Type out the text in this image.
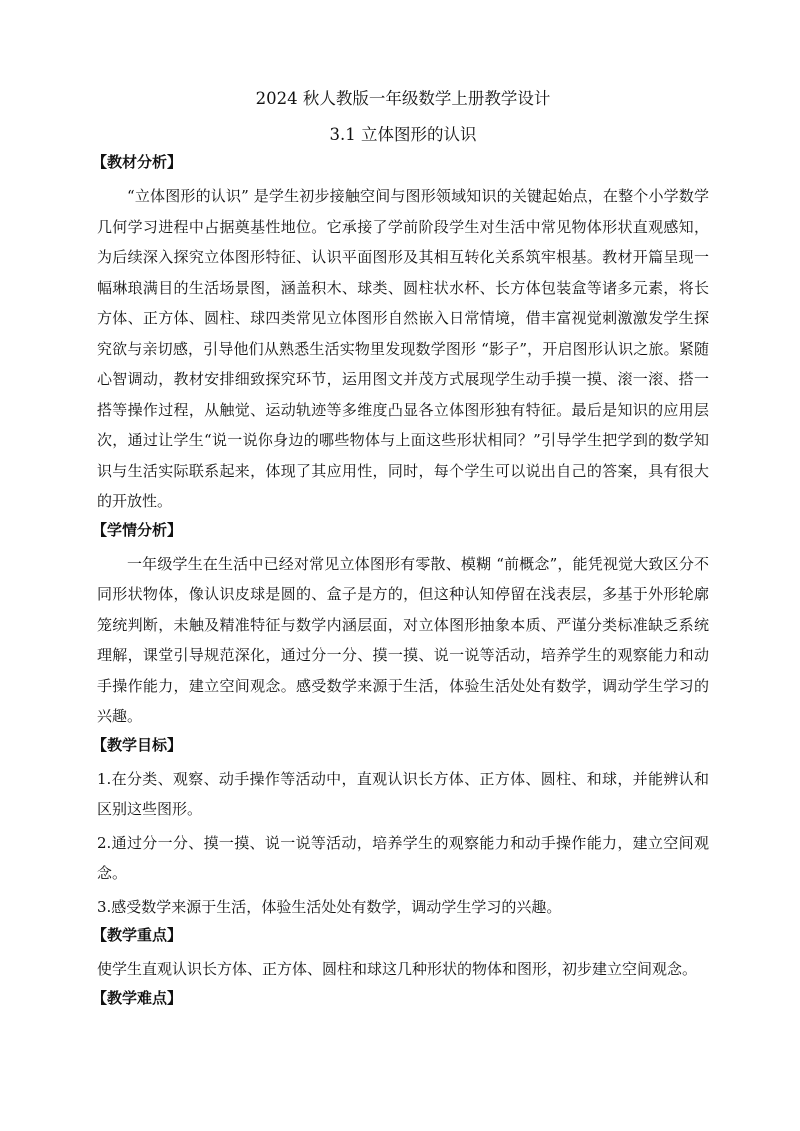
2024 秋人教版一年级数学上册教学设计
3.1 立体图形的认识
【教材分析】
“立体图形的认识” 是学生初步接触空间与图形领域知识的关键起始点，在整个小学数学几何学习进程中占据奠基性地位。它承接了学前阶段学生对生活中常见物体形状直观感知，为后续深入探究立体图形特征、认识平面图形及其相互转化关系筑牢根基。教材开篇呈现一幅琳琅满目的生活场景图，涵盖积木、球类、圆柱状水杯、长方体包装盒等诸多元素，将长方体、正方体、圆柱、球四类常见立体图形自然嵌入日常情境，借丰富视觉刺激激发学生探究欲与亲切感，引导他们从熟悉生活实物里发现数学图形 “影子”，开启图形认识之旅。紧随心智调动，教材安排细致探究环节，运用图文并茂方式展现学生动手摸一摸、滚一滚、搭一搭等操作过程，从触觉、运动轨迹等多维度凸显各立体图形独有特征。最后是知识的应用层次，通过让学生“说一说你身边的哪些物体与上面这些形状相同？”引导学生把学到的数学知识与生活实际联系起来，体现了其应用性，同时，每个学生可以说出自己的答案，具有很大的开放性。
【学情分析】
一年级学生在生活中已经对常见立体图形有零散、模糊 “前概念”，能凭视觉大致区分不同形状物体，像认识皮球是圆的、盒子是方的，但这种认知停留在浅表层，多基于外形轮廓笼统判断，未触及精准特征与数学内涵层面，对立体图形抽象本质、严谨分类标准缺乏系统理解，课堂引导规范深化，通过分一分、摸一摸、说一说等活动，培养学生的观察能力和动手操作能力，建立空间观念。感受数学来源于生活，体验生活处处有数学，调动学生学习的兴趣。
【教学目标】
1.在分类、观察、动手操作等活动中，直观认识长方体、正方体、圆柱、和球，并能辨认和区别这些图形。
2.通过分一分、摸一摸、说一说等活动，培养学生的观察能力和动手操作能力，建立空间观念。
3.感受数学来源于生活，体验生活处处有数学，调动学生学习的兴趣。
【教学重点】
使学生直观认识长方体、正方体、圆柱和球这几种形状的物体和图形，初步建立空间观念。
【教学难点】
